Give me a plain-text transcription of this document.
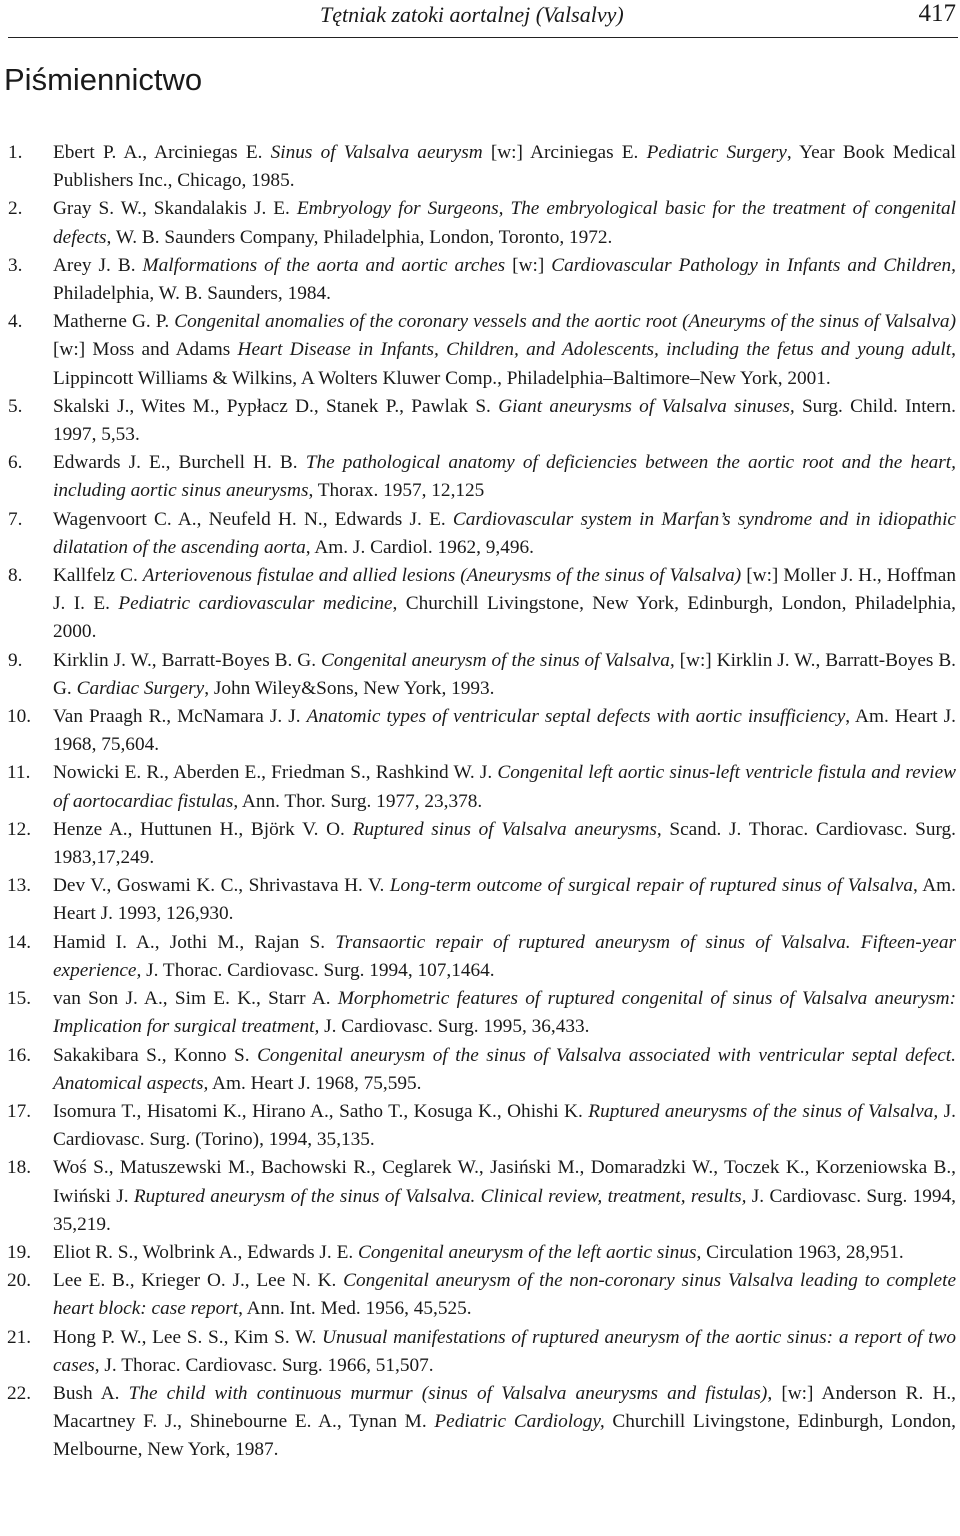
Tętniak zatoki aortalnej (Valsalvy)	417
Piśmiennictwo
1. Ebert P. A., Arciniegas E. Sinus of Valsalva aeurysm [w:] Arciniegas E. Pediatric Surgery, Year Book Medical Publishers Inc., Chicago, 1985.
2. Gray S. W., Skandalakis J. E. Embryology for Surgeons, The embryological basic for the treatment of congenital defects, W. B. Saunders Company, Philadelphia, London, Toronto, 1972.
3. Arey J. B. Malformations of the aorta and aortic arches [w:] Cardiovascular Pathology in Infants and Children, Philadelphia, W. B. Saunders, 1984.
4. Matherne G. P. Congenital anomalies of the coronary vessels and the aortic root (Aneuryms of the sinus of Valsalva) [w:] Moss and Adams Heart Disease in Infants, Children, and Adolescents, including the fetus and young adult, Lippincott Williams & Wilkins, A Wolters Kluwer Comp., Philadelphia–Baltimore–New York, 2001.
5. Skalski J., Wites M., Pypłacz D., Stanek P., Pawlak S. Giant aneurysms of Valsalva sinuses, Surg. Child. Intern. 1997, 5,53.
6. Edwards J. E., Burchell H. B. The pathological anatomy of deficiencies between the aortic root and the heart, including aortic sinus aneurysms, Thorax. 1957, 12,125
7. Wagenvoort C. A., Neufeld H. N., Edwards J. E. Cardiovascular system in Marfan’s syndrome and in idiopathic dilatation of the ascending aorta, Am. J. Cardiol. 1962, 9,496.
8. Kallfelz C. Arteriovenous fistulae and allied lesions (Aneurysms of the sinus of Valsalva) [w:] Moller J. H., Hoffman J. I. E. Pediatric cardiovascular medicine, Churchill Livingstone, New York, Edinburgh, London, Philadelphia, 2000.
9. Kirklin J. W., Barratt-Boyes B. G. Congenital aneurysm of the sinus of Valsalva, [w:] Kirklin J. W., Barratt-Boyes B. G. Cardiac Surgery, John Wiley&Sons, New York, 1993.
10. Van Praagh R., McNamara J. J. Anatomic types of ventricular septal defects with aortic insufficiency, Am. Heart J. 1968, 75,604.
11. Nowicki E. R., Aberden E., Friedman S., Rashkind W. J. Congenital left aortic sinus-left ventricle fistula and review of aortocardiac fistulas, Ann. Thor. Surg. 1977, 23,378.
12. Henze A., Huttunen H., Björk V. O. Ruptured sinus of Valsalva aneurysms, Scand. J. Thorac. Cardiovasc. Surg. 1983,17,249.
13. Dev V., Goswami K. C., Shrivastava H. V. Long-term outcome of surgical repair of ruptured sinus of Valsalva, Am. Heart J. 1993, 126,930.
14. Hamid I. A., Jothi M., Rajan S. Transaortic repair of ruptured aneurysm of sinus of Valsalva. Fifteen-year experience, J. Thorac. Cardiovasc. Surg. 1994, 107,1464.
15. van Son J. A., Sim E. K., Starr A. Morphometric features of ruptured congenital of sinus of Valsalva aneurysm: Implication for surgical treatment, J. Cardiovasc. Surg. 1995, 36,433.
16. Sakakibara S., Konno S. Congenital aneurysm of the sinus of Valsalva associated with ventricular septal defect. Anatomical aspects, Am. Heart J. 1968, 75,595.
17. Isomura T., Hisatomi K., Hirano A., Satho T., Kosuga K., Ohishi K. Ruptured aneurysms of the sinus of Valsalva, J. Cardiovasc. Surg. (Torino), 1994, 35,135.
18. Woś S., Matuszewski M., Bachowski R., Ceglarek W., Jasiński M., Domaradzki W., Toczek K., Korzeniowska B., Iwiński J. Ruptured aneurysm of the sinus of Valsalva. Clinical review, treatment, results, J. Cardiovasc. Surg. 1994, 35,219.
19. Eliot R. S., Wolbrink A., Edwards J. E. Congenital aneurysm of the left aortic sinus, Circulation 1963, 28,951.
20. Lee E. B., Krieger O. J., Lee N. K. Congenital aneurysm of the non-coronary sinus Valsalva leading to complete heart block: case report, Ann. Int. Med. 1956, 45,525.
21. Hong P. W., Lee S. S., Kim S. W. Unusual manifestations of ruptured aneurysm of the aortic sinus: a report of two cases, J. Thorac. Cardiovasc. Surg. 1966, 51,507.
22. Bush A. The child with continuous murmur (sinus of Valsalva aneurysms and fistulas), [w:] Anderson R. H., Macartney F. J., Shinebourne E. A., Tynan M. Pediatric Cardiology, Churchill Livingstone, Edinburgh, London, Melbourne, New York, 1987.
